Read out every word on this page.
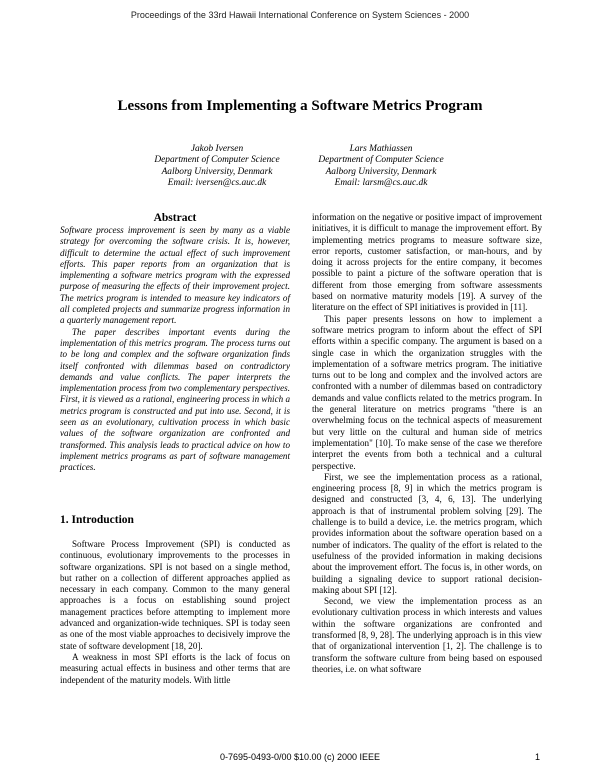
Proceedings of the 33rd Hawaii International Conference on System Sciences - 2000
Lessons from Implementing a Software Metrics Program
Jakob Iversen
Department of Computer Science
Aalborg University, Denmark
Email: iversen@cs.auc.dk
Lars Mathiassen
Department of Computer Science
Aalborg University, Denmark
Email: larsm@cs.auc.dk
Abstract

Software process improvement is seen by many as a viable strategy for overcoming the software crisis. It is, however, difficult to determine the actual effect of such improvement efforts. This paper reports from an organization that is implementing a software metrics program with the expressed purpose of measuring the effects of their improvement project. The metrics program is intended to measure key indicators of all completed projects and summarize progress information in a quarterly management report.

The paper describes important events during the implementation of this metrics program. The process turns out to be long and complex and the software organization finds itself confronted with dilemmas based on contradictory demands and value conflicts. The paper interprets the implementation process from two complementary perspectives. First, it is viewed as a rational, engineering process in which a metrics program is constructed and put into use. Second, it is seen as an evolutionary, cultivation process in which basic values of the software organization are confronted and transformed. This analysis leads to practical advice on how to implement metrics programs as part of software management practices.

1. Introduction

Software Process Improvement (SPI) is conducted as continuous, evolutionary improvements to the processes in software organizations. SPI is not based on a single method, but rather on a collection of different approaches applied as necessary in each company. Common to the many general approaches is a focus on establishing sound project management practices before attempting to implement more advanced and organization-wide techniques. SPI is today seen as one of the most viable approaches to decisively improve the state of software development [18, 20].

A weakness in most SPI efforts is the lack of focus on measuring actual effects in business and other terms that are independent of the maturity models. With little

information on the negative or positive impact of improvement initiatives, it is difficult to manage the improvement effort. By implementing metrics programs to measure software size, error reports, customer satisfaction, or man-hours, and by doing it across projects for the entire company, it becomes possible to paint a picture of the software operation that is different from those emerging from software assessments based on normative maturity models [19]. A survey of the literature on the effect of SPI initiatives is provided in [11].

This paper presents lessons on how to implement a software metrics program to inform about the effect of SPI efforts within a specific company. The argument is based on a single case in which the organization struggles with the implementation of a software metrics program. The initiative turns out to be long and complex and the involved actors are confronted with a number of dilemmas based on contradictory demands and value conflicts related to the metrics program. In the general literature on metrics programs "there is an overwhelming focus on the technical aspects of measurement but very little on the cultural and human side of metrics implementation" [10]. To make sense of the case we therefore interpret the events from both a technical and a cultural perspective.

First, we see the implementation process as a rational, engineering process [8, 9] in which the metrics program is designed and constructed [3, 4, 6, 13]. The underlying approach is that of instrumental problem solving [29]. The challenge is to build a device, i.e. the metrics program, which provides information about the software operation based on a number of indicators. The quality of the effort is related to the usefulness of the provided information in making decisions about the improvement effort. The focus is, in other words, on building a signaling device to support rational decision-making about SPI [12].

Second, we view the implementation process as an evolutionary cultivation process in which interests and values within the software organizations are confronted and transformed [8, 9, 28]. The underlying approach is in this view that of organizational intervention [1, 2]. The challenge is to transform the software culture from being based on espoused theories, i.e. on what software

0-7695-0493-0/00 $10.00 (c) 2000 IEEE	1
